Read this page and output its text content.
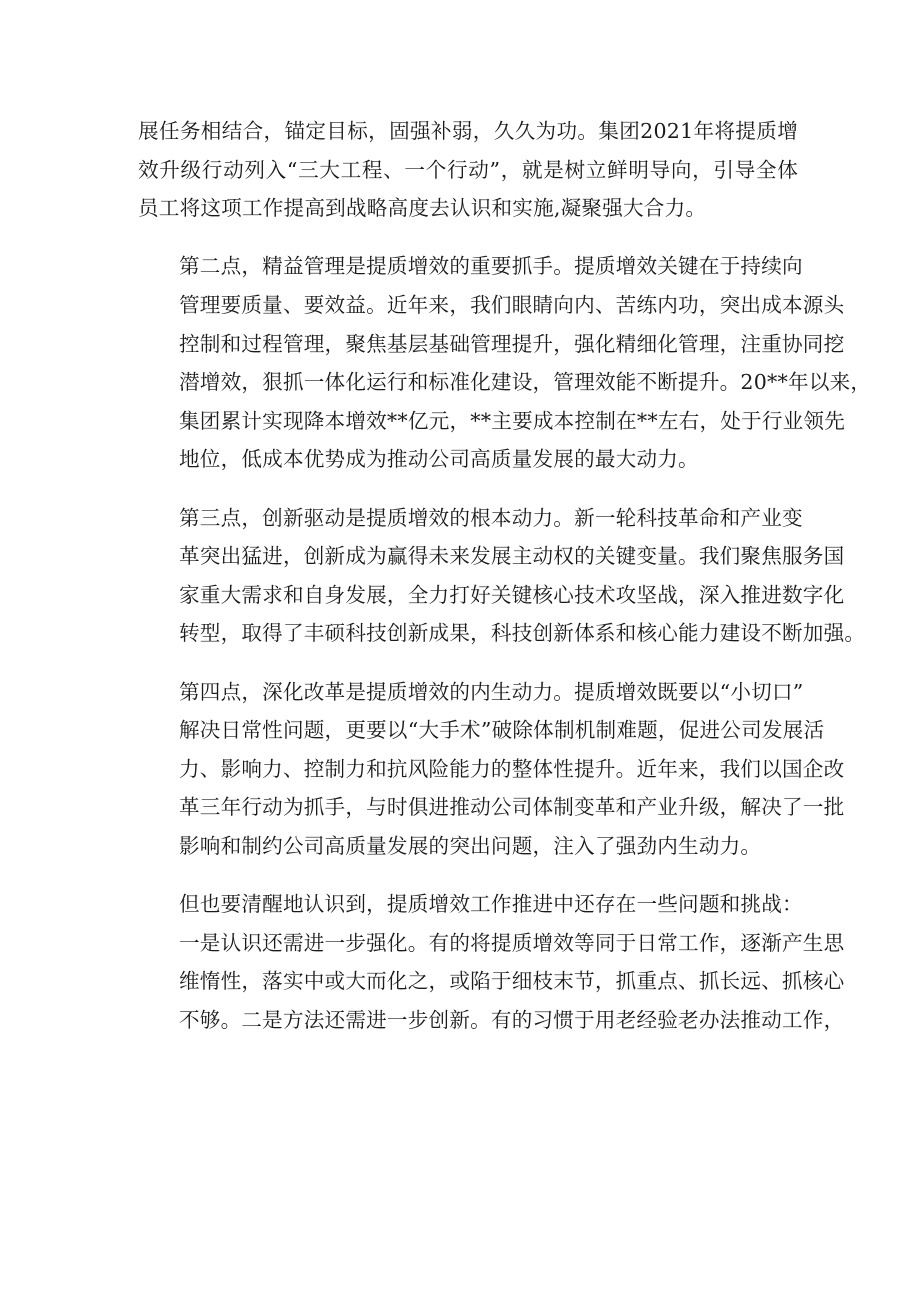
展任务相结合，锚定目标，固强补弱，久久为功。集团2021年将提质增
效升级行动列入“三大工程、一个行动”，就是树立鲜明导向，引导全体
员工将这项工作提高到战略高度去认识和实施,凝聚强大合力。
第二点，精益管理是提质增效的重要抓手。提质增效关键在于持续向
管理要质量、要效益。近年来，我们眼睛向内、苦练内功，突出成本源头
控制和过程管理，聚焦基层基础管理提升，强化精细化管理，注重协同挖
潜增效，狠抓一体化运行和标准化建设，管理效能不断提升。20**年以来，
集团累计实现降本增效**亿元，**主要成本控制在**左右，处于行业领先
地位，低成本优势成为推动公司高质量发展的最大动力。
第三点，创新驱动是提质增效的根本动力。新一轮科技革命和产业变
革突出猛进，创新成为赢得未来发展主动权的关键变量。我们聚焦服务国
家重大需求和自身发展，全力打好关键核心技术攻坚战，深入推进数字化
转型，取得了丰硕科技创新成果，科技创新体系和核心能力建设不断加强。
第四点，深化改革是提质增效的内生动力。提质增效既要以“小切口”
解决日常性问题，更要以“大手术”破除体制机制难题，促进公司发展活
力、影响力、控制力和抗风险能力的整体性提升。近年来，我们以国企改
革三年行动为抓手，与时俱进推动公司体制变革和产业升级，解决了一批
影响和制约公司高质量发展的突出问题，注入了强劲内生动力。
但也要清醒地认识到，提质增效工作推进中还存在一些问题和挑战：
一是认识还需进一步强化。有的将提质增效等同于日常工作，逐渐产生思
维惰性，落实中或大而化之，或陷于细枝末节，抓重点、抓长远、抓核心
不够。二是方法还需进一步创新。有的习惯于用老经验老办法推动工作，
